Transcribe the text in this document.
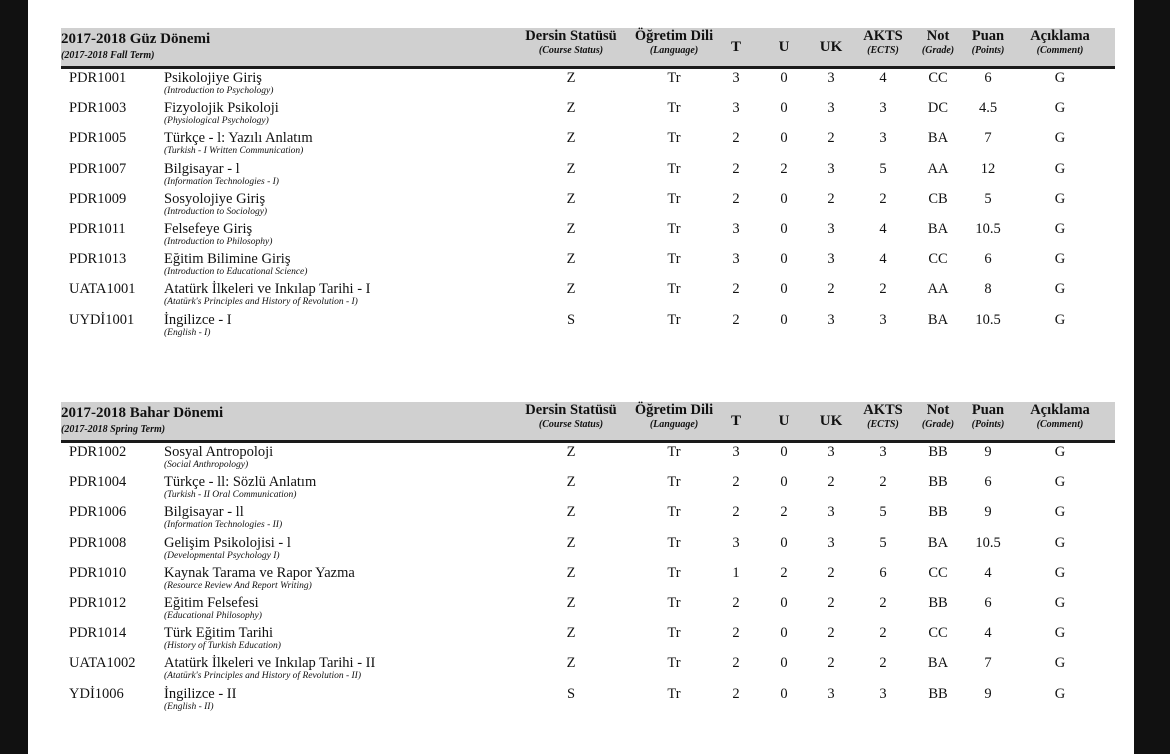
2017-2018 Güz Dönemi
(2017-2018 Fall Term)
Dersin Statüsü
(Course Status)
Öğretim Dili
(Language)	T	U	UK
AKTS
(ECTS)
Not
(Grade)
Puan
(Points)
Açıklama
(Comment)
PDR1001	Psikolojiye Giriş
(Introduction to Psychology)
Z	Tr	3	0	3	4	CC	6	G
PDR1003	Fizyolojik Psikoloji
(Physiological Psychology)
Z	Tr	3	0	3	3	DC	4.5	G
PDR1005	Türkçe - l: Yazılı Anlatım
(Turkish - I Written Communication)
Z	Tr	2	0	2	3	BA	7	G
PDR1007	Bilgisayar - l
(Information Technologies - I)
Z	Tr	2	2	3	5	AA	12	G
PDR1009	Sosyolojiye Giriş
(Introduction to Sociology)
Z	Tr	2	0	2	2	CB	5	G
PDR1011	Felsefeye Giriş
(Introduction to Philosophy)
Z	Tr	3	0	3	4	BA	10.5	G
PDR1013	Eğitim Bilimine Giriş
(Introduction to Educational Science)
Z	Tr	3	0	3	4	CC	6	G
UATA1001 Atatürk İlkeleri ve Inkılap Tarihi - I
(Atatürk's Principles and History of Revolution - I)
Z	Tr	2	0	2	2	AA	8	G
UYDİ1001 İngilizce - I
(English - I)
S	Tr	2	0	3	3	BA	10.5	G
2017-2018 Bahar Dönemi
(2017-2018 Spring Term)
Dersin Statüsü
(Course Status)
Öğretim Dili
(Language)	T	U	UK
AKTS
(ECTS)
Not
(Grade)
Puan
(Points)
Açıklama
(Comment)
PDR1002	Sosyal Antropoloji
(Social Anthropology)
Z	Tr	3	0	3	3	BB	9	G
PDR1004	Türkçe - ll: Sözlü Anlatım
(Turkish - II Oral Communication)
Z	Tr	2	0	2	2	BB	6	G
PDR1006	Bilgisayar - ll
(Information Technologies - II)
Z	Tr	2	2	3	5	BB	9	G
PDR1008	Gelişim Psikolojisi - l
(Developmental Psychology I)
Z	Tr	3	0	3	5	BA	10.5	G
PDR1010	Kaynak Tarama ve Rapor Yazma
(Resource Review And Report Writing)
Z	Tr	1	2	2	6	CC	4	G
PDR1012	Eğitim Felsefesi
(Educational Philosophy)
Z	Tr	2	0	2	2	BB	6	G
PDR1014	Türk Eğitim Tarihi
(History of Turkish Education)
Z	Tr	2	0	2	2	CC	4	G
UATA1002 Atatürk İlkeleri ve Inkılap Tarihi - II
(Atatürk's Principles and History of Revolution - II)
Z	Tr	2	0	2	2	BA	7	G
YDİ1006	İngilizce - II
(English - II)
S	Tr	2	0	3	3	BB	9	G
